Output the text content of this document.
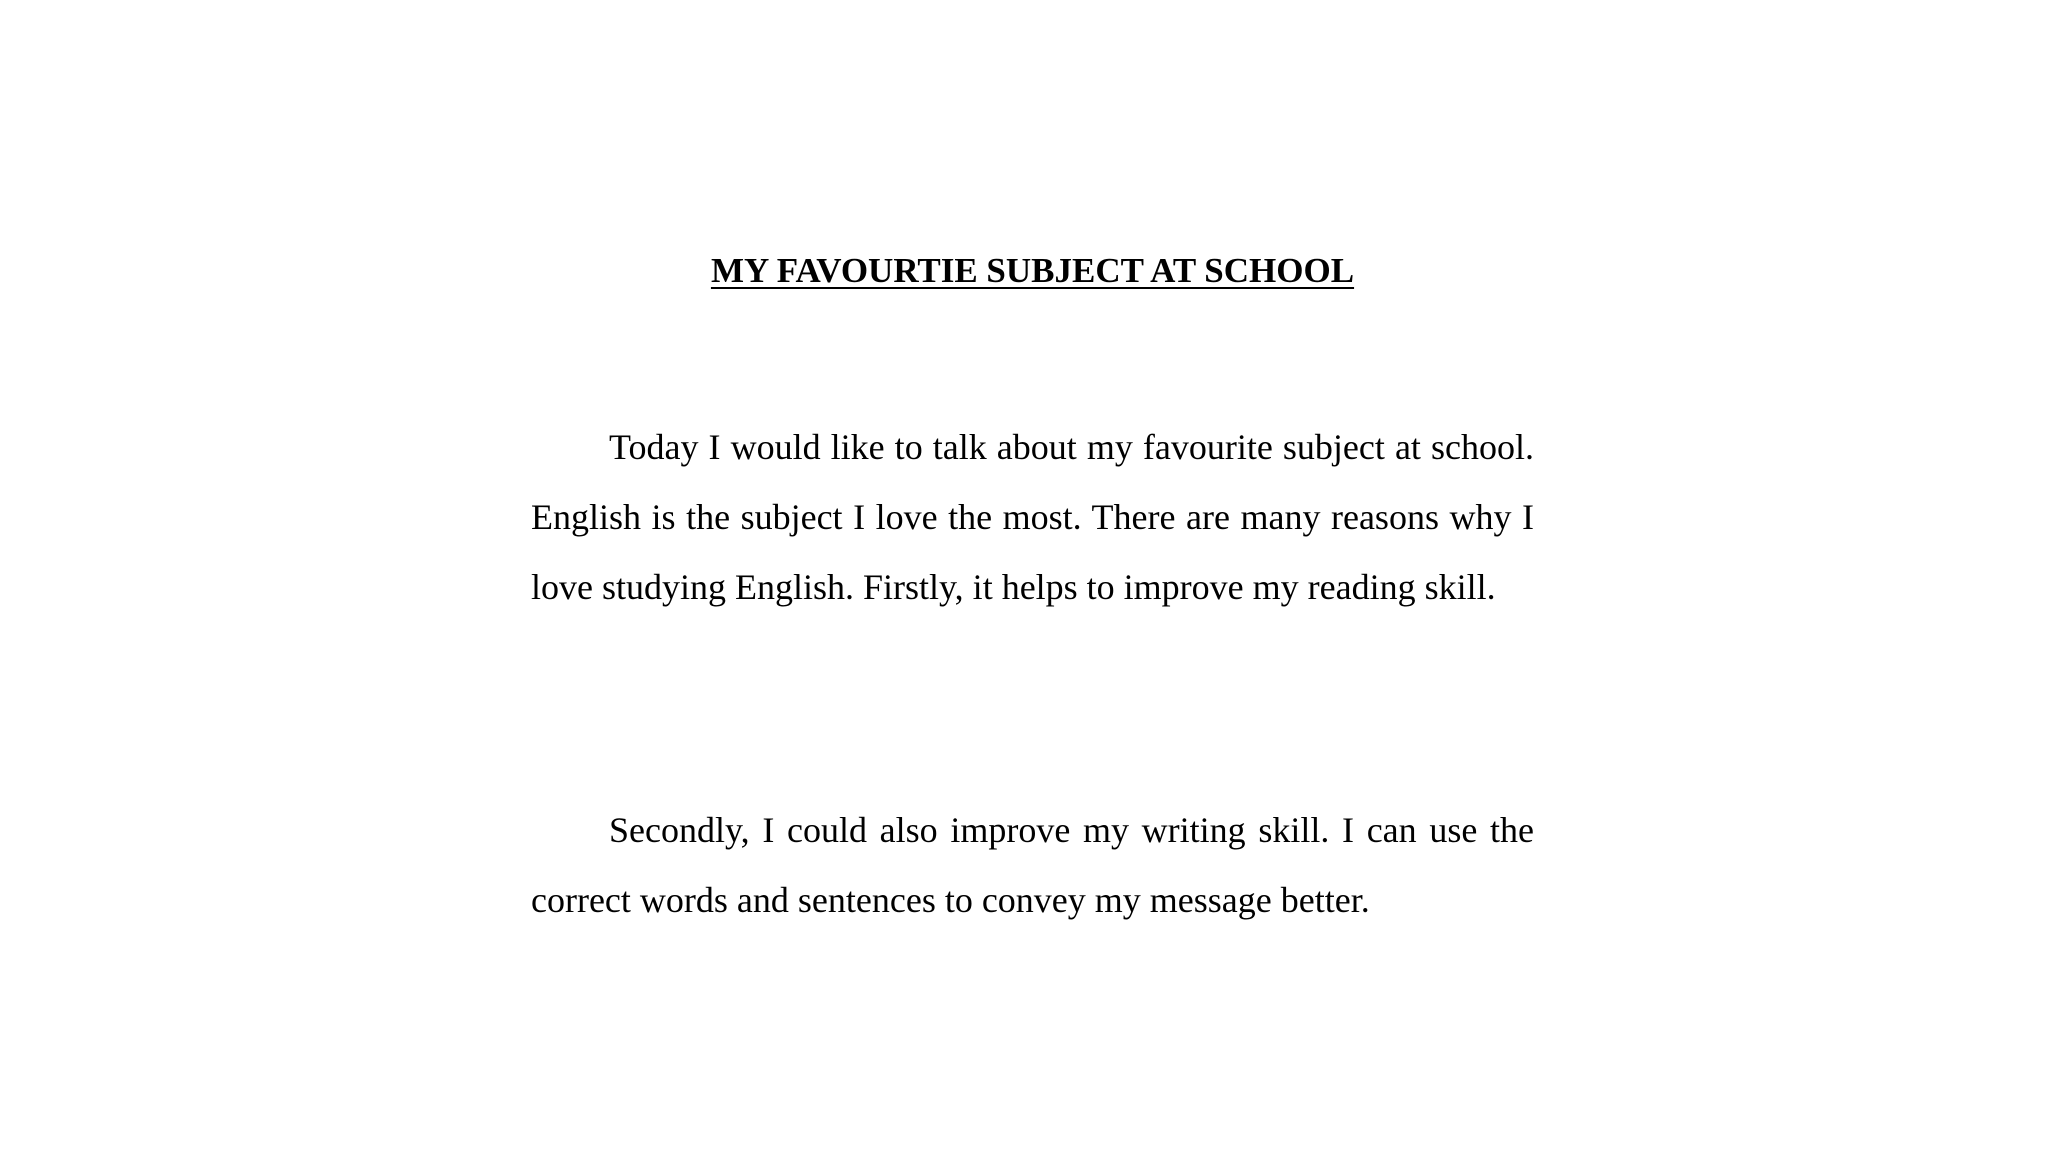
MY FAVOURTIE SUBJECT AT SCHOOL

Today I would like to talk about my favourite subject at school. English is the subject I love the most. There are many reasons why I love studying English. Firstly, it helps to improve my reading skill.

Secondly, I could also improve my writing skill. I can use the correct words and sentences to convey my message better.
